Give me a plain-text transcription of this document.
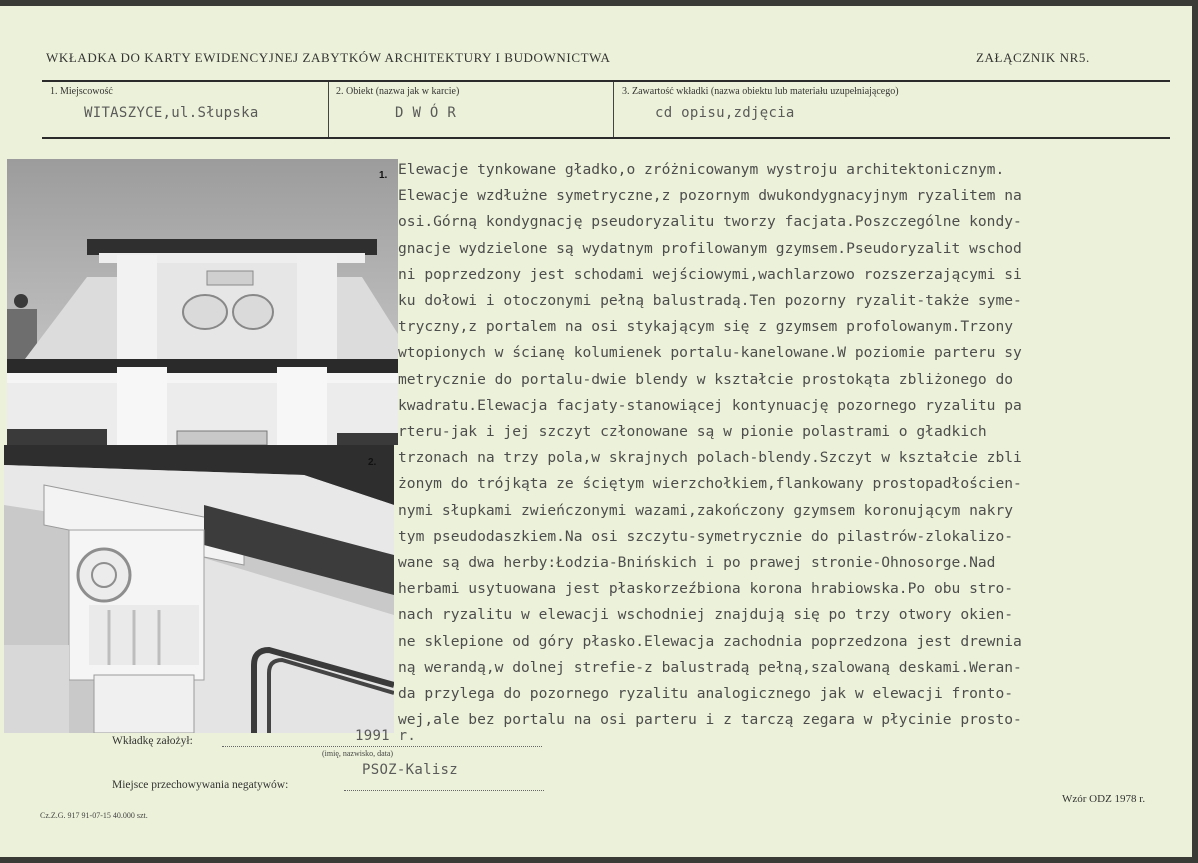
WKŁADKA DO KARTY EWIDENCYJNEJ ZABYTKÓW ARCHITEKTURY I BUDOWNICTWA	ZAŁĄCZNIK NR5.
1. Miejscowość
WITASZYCE,ul.Słupska
2. Obiekt (nazwa jak w karcie)
D W Ó R
3. Zawartość wkładki (nazwa obiektu lub materiału uzupełniającego)
cd opisu,zdjęcia
1.
2.
Elewacje tynkowane gładko,o zróżnicowanym wystroju architektonicznym.
Elewacje wzdłużne symetryczne,z pozornym dwukondygnacyjnym ryzalitem na
osi.Górną kondygnację pseudoryzalitu tworzy facjata.Poszczególne kondy-
gnacje wydzielone są wydatnym profilowanym gzymsem.Pseudoryzalit wschod
ni poprzedzony jest schodami wejściowymi,wachlarzowo rozszerzającymi si
ku dołowi i otoczonymi pełną balustradą.Ten pozorny ryzalit-także syme-
tryczny,z portalem na osi stykającym się z gzymsem profolowanym.Trzony
wtopionych w ścianę kolumienek portalu-kanelowane.W poziomie parteru sy
metrycznie do portalu-dwie blendy w kształcie prostokąta zbliżonego do
kwadratu.Elewacja facjaty-stanowiącej kontynuację pozornego ryzalitu pa
rteru-jak i jej szczyt członowane są w pionie polastrami o gładkich
trzonach na trzy pola,w skrajnych polach-blendy.Szczyt w kształcie zbli
żonym do trójkąta ze ściętym wierzchołkiem,flankowany prostopadłościen-
nymi słupkami zwieńczonymi wazami,zakończony gzymsem koronującym nakry
tym pseudodaszkiem.Na osi szczytu-symetrycznie do pilastrów-zlokalizo-
wane są dwa herby:Łodzia-Bnińskich i po prawej stronie-Ohnosorge.Nad
herbami usytuowana jest płaskorzeźbiona korona hrabiowska.Po obu stro-
nach ryzalitu w elewacji wschodniej znajdują się po trzy otwory okien-
ne sklepione od góry płasko.Elewacja zachodnia poprzedzona jest drewnia
ną werandą,w dolnej strefie-z balustradą pełną,szalowaną deskami.Weran-
da przylega do pozornego ryzalitu analogicznego jak w elewacji fronto-
wej,ale bez portalu na osi parteru i z tarczą zegara w płycinie prosto-
Wkładkę założył:	1991 r.
(imię, nazwisko, data)
Miejsce przechowywania negatywów:
PSOZ-Kalisz
Wzór ODZ 1978 r.
Cz.Z.G. 917 91-07-15 40.000 szt.
